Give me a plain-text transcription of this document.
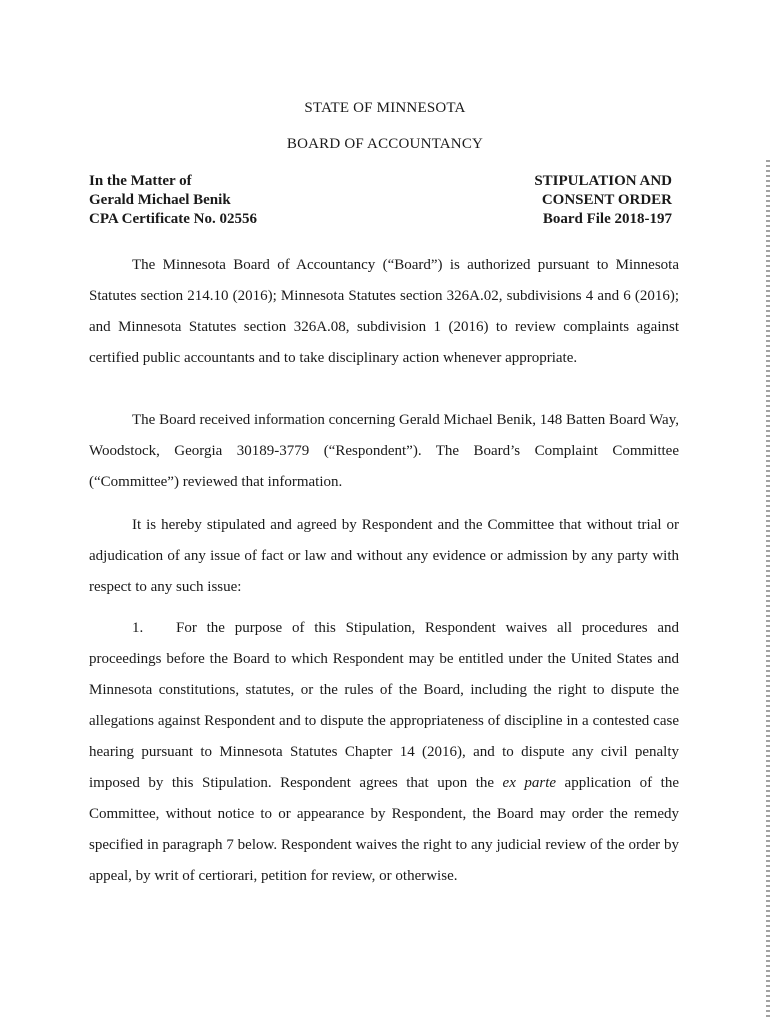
STATE OF MINNESOTA
BOARD OF ACCOUNTANCY
In the Matter of
Gerald Michael Benik
CPA Certificate No. 02556
STIPULATION AND
CONSENT ORDER
Board File 2018-197

The Minnesota Board of Accountancy (“Board”) is authorized pursuant to Minnesota Statutes section 214.10 (2016); Minnesota Statutes section 326A.02, subdivisions 4 and 6 (2016); and Minnesota Statutes section 326A.08, subdivision 1 (2016) to review complaints against certified public accountants and to take disciplinary action whenever appropriate.

The Board received information concerning Gerald Michael Benik, 148 Batten Board Way, Woodstock, Georgia 30189-3779 (“Respondent”). The Board’s Complaint Committee (“Committee”) reviewed that information.

It is hereby stipulated and agreed by Respondent and the Committee that without trial or adjudication of any issue of fact or law and without any evidence or admission by any party with respect to any such issue:

1. For the purpose of this Stipulation, Respondent waives all procedures and proceedings before the Board to which Respondent may be entitled under the United States and Minnesota constitutions, statutes, or the rules of the Board, including the right to dispute the allegations against Respondent and to dispute the appropriateness of discipline in a contested case hearing pursuant to Minnesota Statutes Chapter 14 (2016), and to dispute any civil penalty imposed by this Stipulation. Respondent agrees that upon the ex parte application of the Committee, without notice to or appearance by Respondent, the Board may order the remedy specified in paragraph 7 below. Respondent waives the right to any judicial review of the order by appeal, by writ of certiorari, petition for review, or otherwise.
